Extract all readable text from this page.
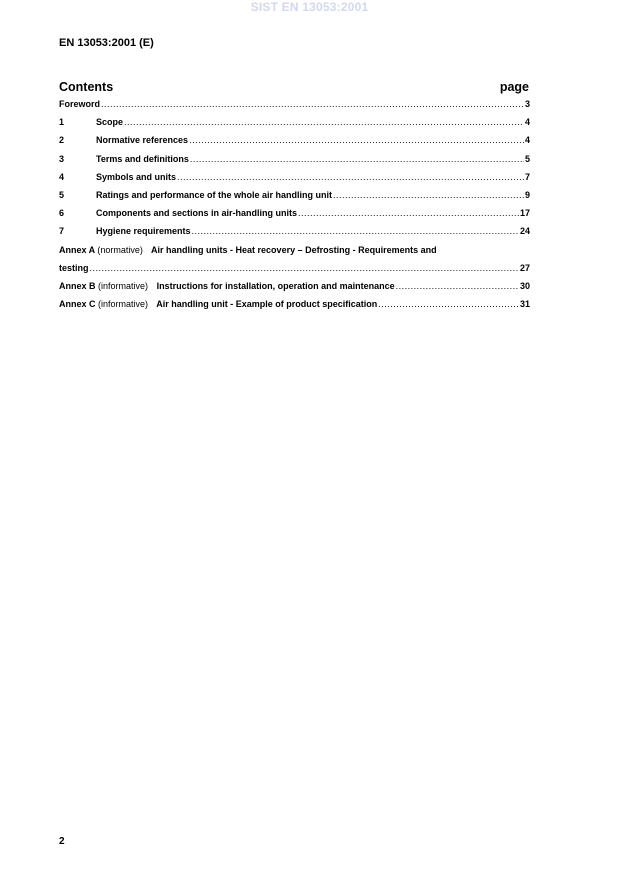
SIST EN 13053:2001
EN 13053:2001 (E)
Contents	page
Foreword .....	3
1	Scope .....	4
2	Normative references .....	4
3	Terms and definitions .....	5
4	Symbols and units .....	7
5	Ratings and performance of the whole air handling unit .....	9
6	Components and sections in air-handling units .....	17
7	Hygiene requirements .....	24
Annex A (normative) Air handling units - Heat recovery – Defrosting - Requirements and
testing .....	27
Annex B (informative) Instructions for installation, operation and maintenance .....	30
Annex C (informative) Air handling unit - Example of product specification .....	31
2
